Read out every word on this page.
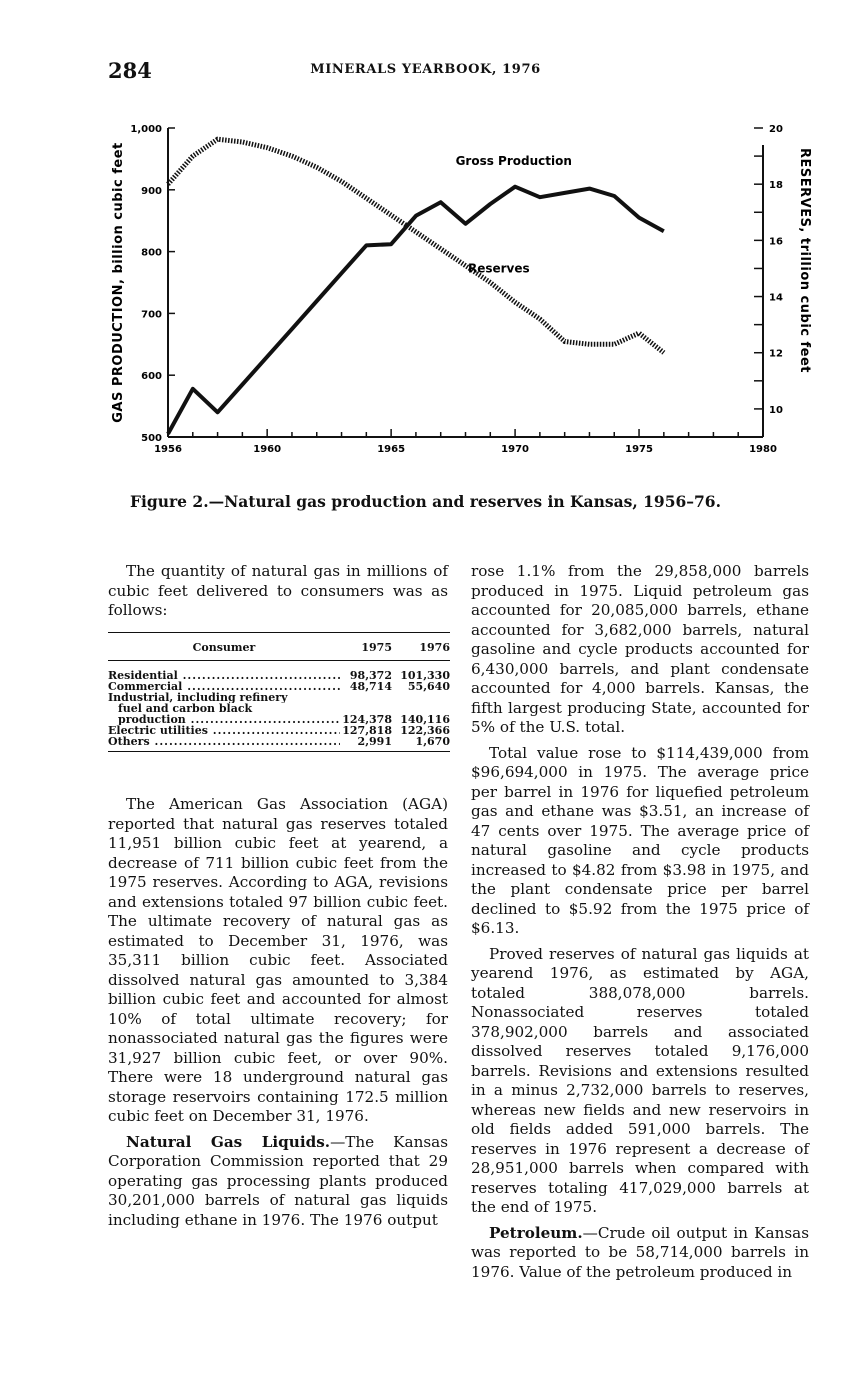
284	MINERALS YEARBOOK, 1976
1956	1960	1965	1970	1975	1980
500
600
700
800
900
1,000
10
12
14
16
18
20
GAS PRODUCTION, billion cubic feet	RESERVES, trillion cubic feet
Gross Production
Reserves
Figure 2.—Natural gas production and reserves in Kansas, 1956–76.

The quantity of natural gas in millions of cubic feet delivered to consumers was as follows:

Consumer	1975	1976
Residential .....	98,372 101,330
Commercial .....	48,714	55,640
Industrial, including refinery
fuel and carbon black
production .....	124,378 140,116
Electric utilities .....	127,818 122,366
Others .....	2,991	1,670

The American Gas Association (AGA) reported that natural gas reserves totaled 11,951 billion cubic feet at yearend, a decrease of 711 billion cubic feet from the 1975 reserves. According to AGA, revisions and extensions totaled 97 billion cubic feet. The ultimate recovery of natural gas as estimated to December 31, 1976, was 35,311 billion cubic feet. Associated dissolved natural gas amounted to 3,384 billion cubic feet and accounted for almost 10% of total ultimate recovery; for nonassociated natural gas the figures were 31,927 billion cubic feet, or over 90%. There were 18 underground natural gas storage reservoirs containing 172.5 million cubic feet on December 31, 1976.

Natural Gas Liquids.—The Kansas Corporation Commission reported that 29 operating gas processing plants produced 30,201,000 barrels of natural gas liquids including ethane in 1976. The 1976 output

rose 1.1% from the 29,858,000 barrels produced in 1975. Liquid petroleum gas accounted for 20,085,000 barrels, ethane accounted for 3,682,000 barrels, natural gasoline and cycle products accounted for 6,430,000 barrels, and plant condensate accounted for 4,000 barrels. Kansas, the fifth largest producing State, accounted for 5% of the U.S. total.

Total value rose to $114,439,000 from $96,694,000 in 1975. The average price per barrel in 1976 for liquefied petroleum gas and ethane was $3.51, an increase of 47 cents over 1975. The average price of natural gasoline and cycle products increased to $4.82 from $3.98 in 1975, and the plant condensate price per barrel declined to $5.92 from the 1975 price of $6.13.

Proved reserves of natural gas liquids at yearend 1976, as estimated by AGA, totaled 388,078,000 barrels. Nonassociated reserves totaled 378,902,000 barrels and associated dissolved reserves totaled 9,176,000 barrels. Revisions and extensions resulted in a minus 2,732,000 barrels to reserves, whereas new fields and new reservoirs in old fields added 591,000 barrels. The reserves in 1976 represent a decrease of 28,951,000 barrels when compared with reserves totaling 417,029,000 barrels at the end of 1975.

Petroleum.—Crude oil output in Kansas was reported to be 58,714,000 barrels in 1976. Value of the petroleum produced in
